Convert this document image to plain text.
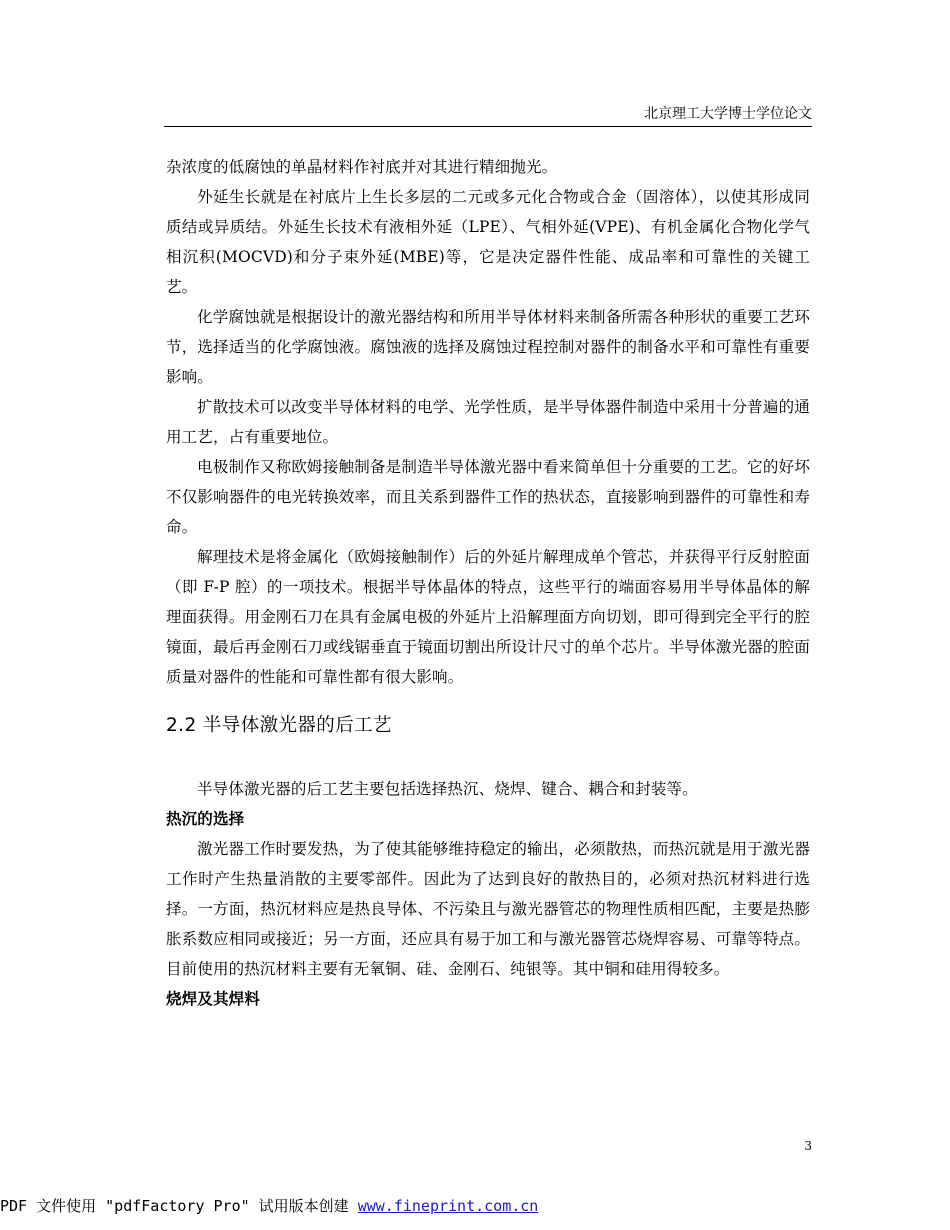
北京理工大学博士学位论文

杂浓度的低腐蚀的单晶材料作衬底并对其进行精细抛光。

外延生长就是在衬底片上生长多层的二元或多元化合物或合金（固溶体），以使其形成同质结或异质结。外延生长技术有液相外延（LPE）、气相外延(VPE)、有机金属化合物化学气相沉积(MOCVD)和分子束外延(MBE)等，它是决定器件性能、成品率和可靠性的关键工艺。

化学腐蚀就是根据设计的激光器结构和所用半导体材料来制备所需各种形状的重要工艺环节，选择适当的化学腐蚀液。腐蚀液的选择及腐蚀过程控制对器件的制备水平和可靠性有重要影响。

扩散技术可以改变半导体材料的电学、光学性质，是半导体器件制造中采用十分普遍的通用工艺，占有重要地位。

电极制作又称欧姆接触制备是制造半导体激光器中看来简单但十分重要的工艺。它的好坏不仅影响器件的电光转换效率，而且关系到器件工作的热状态，直接影响到器件的可靠性和寿命。

解理技术是将金属化（欧姆接触制作）后的外延片解理成单个管芯，并获得平行反射腔面（即 F-P 腔）的一项技术。根据半导体晶体的特点，这些平行的端面容易用半导体晶体的解理面获得。用金刚石刀在具有金属电极的外延片上沿解理面方向切划，即可得到完全平行的腔镜面，最后再金刚石刀或线锯垂直于镜面切割出所设计尺寸的单个芯片。半导体激光器的腔面质量对器件的性能和可靠性都有很大影响。

2.2 半导体激光器的后工艺

半导体激光器的后工艺主要包括选择热沉、烧焊、键合、耦合和封装等。

热沉的选择

激光器工作时要发热，为了使其能够维持稳定的输出，必须散热，而热沉就是用于激光器工作时产生热量消散的主要零部件。因此为了达到良好的散热目的，必须对热沉材料进行选择。一方面，热沉材料应是热良导体、不污染且与激光器管芯的物理性质相匹配，主要是热膨胀系数应相同或接近；另一方面，还应具有易于加工和与激光器管芯烧焊容易、可靠等特点。目前使用的热沉材料主要有无氧铜、硅、金刚石、纯银等。其中铜和硅用得较多。

烧焊及其焊料

3
PDF 文件使用 "pdfFactory Pro" 试用版本创建 www.fineprint.com.cn
